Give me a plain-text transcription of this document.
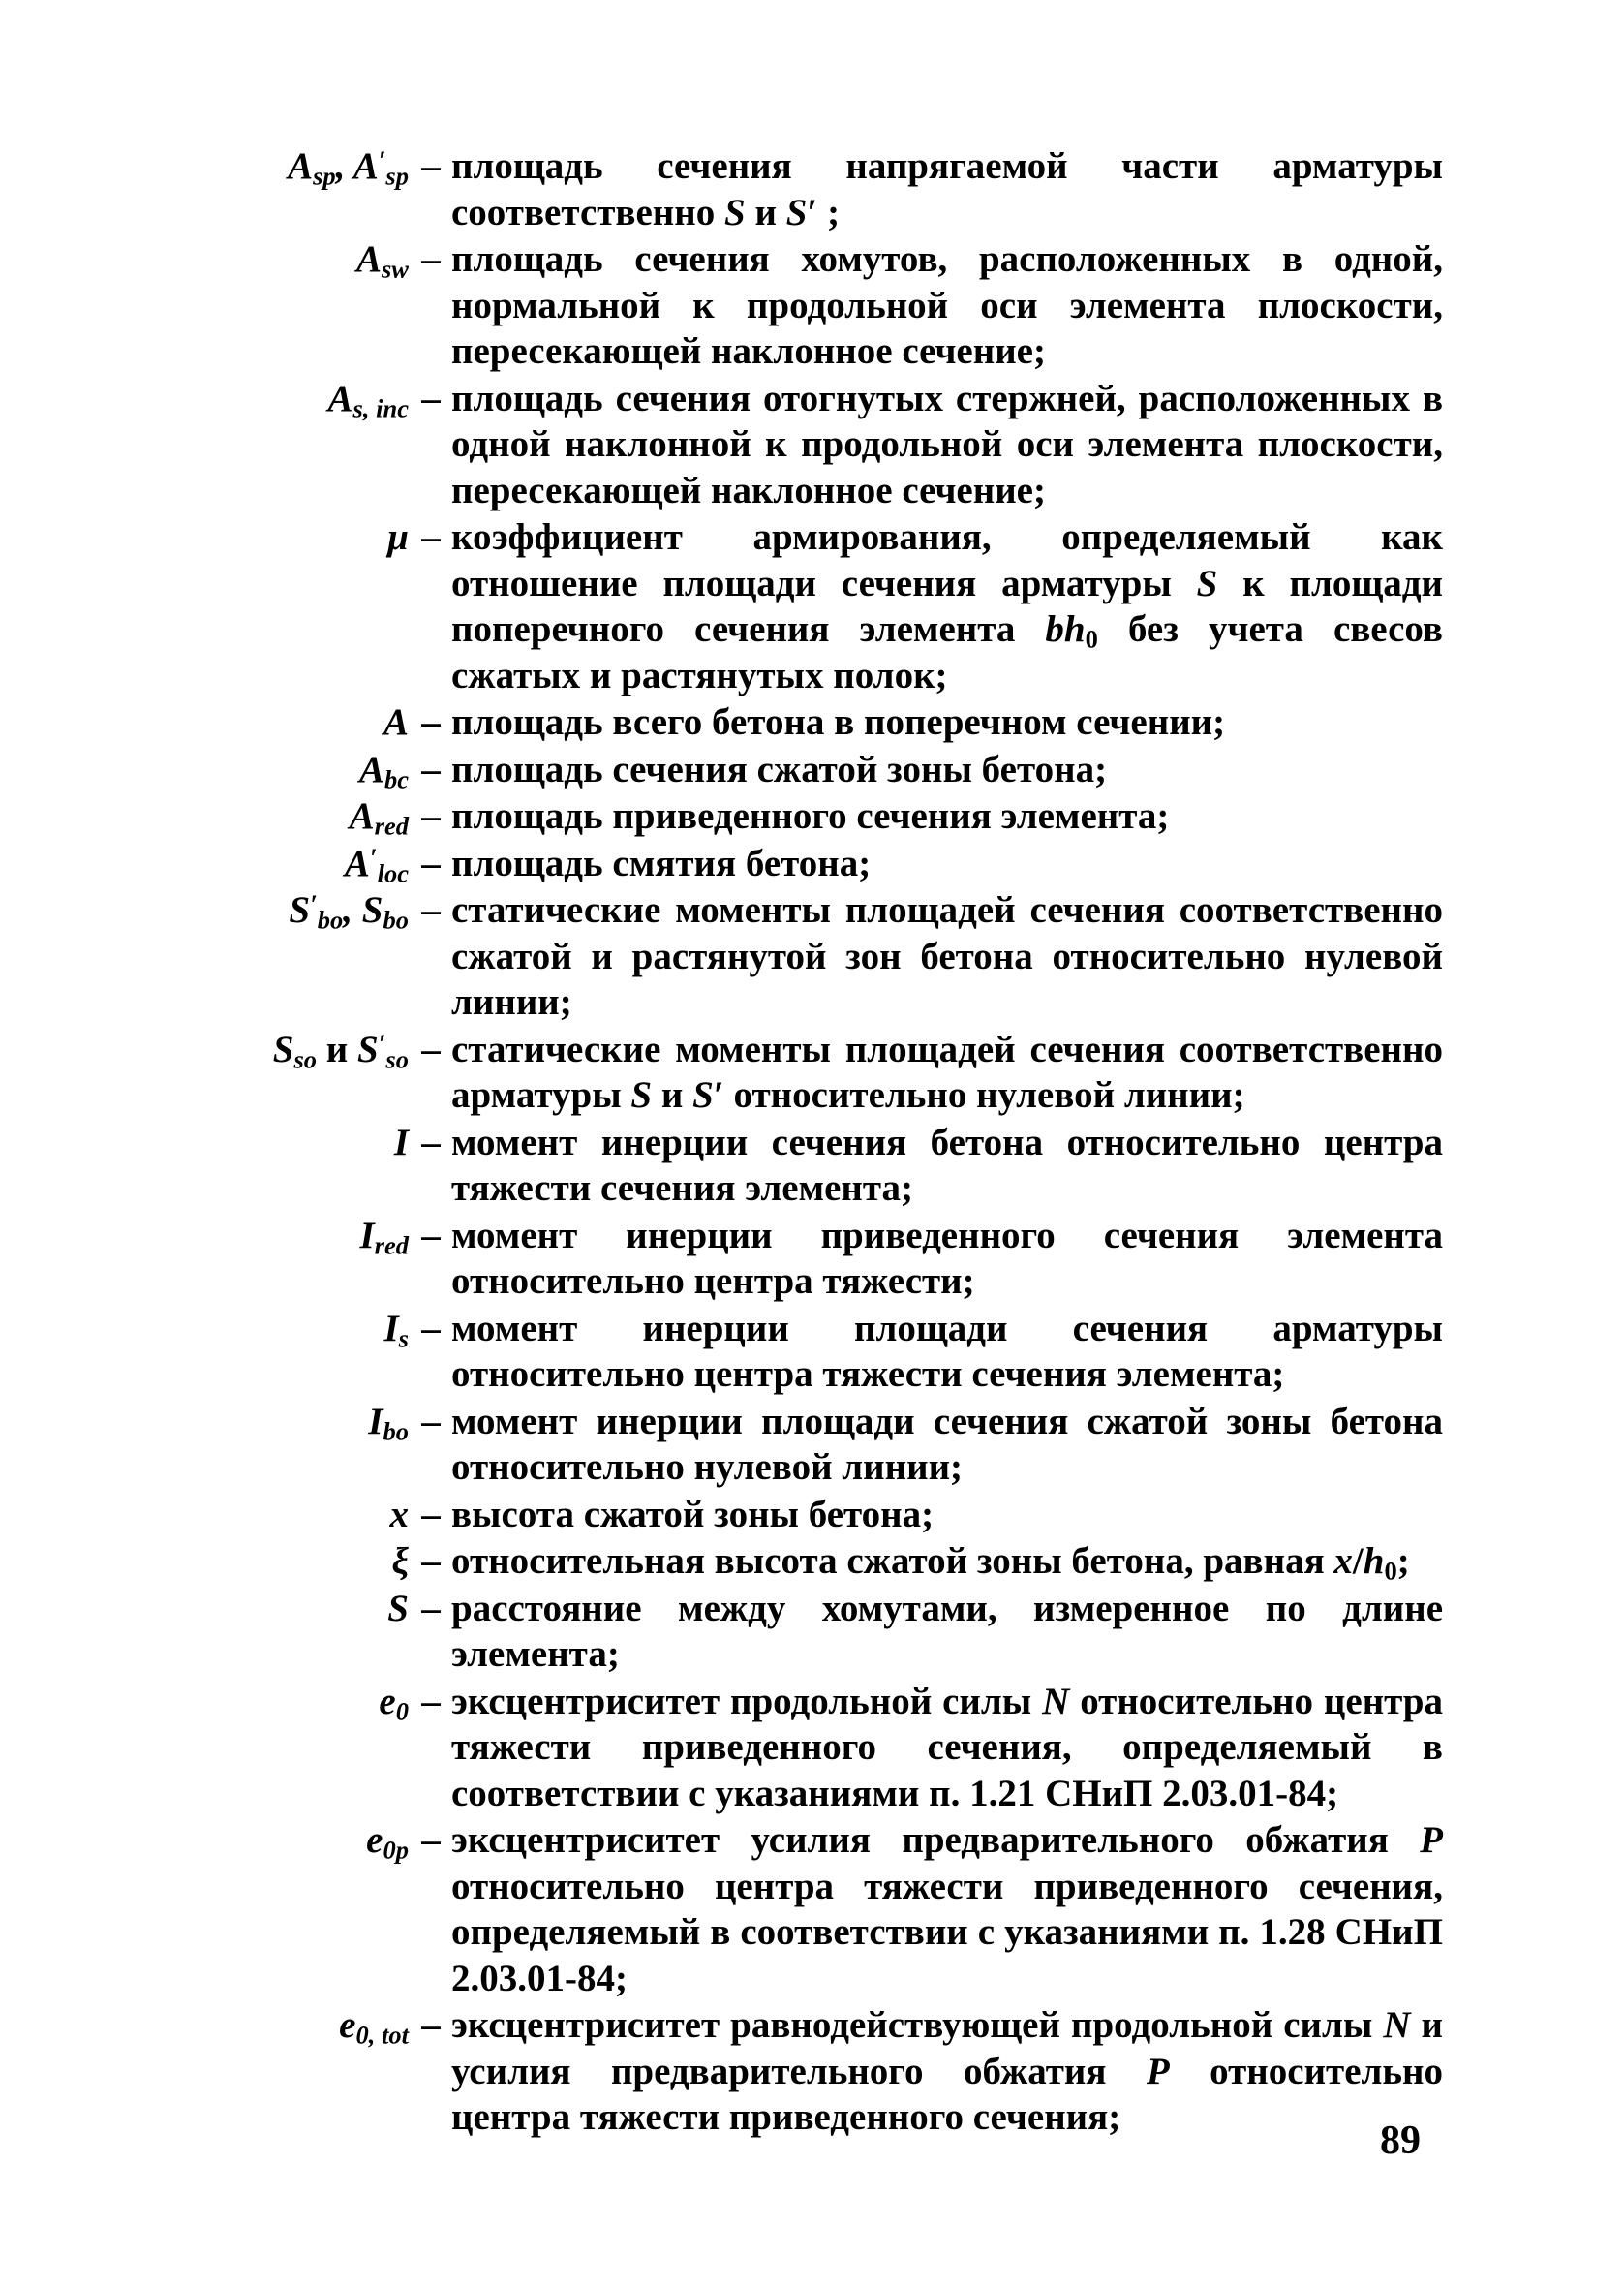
$A_{sp}$, $A'_{sp}$ – площадь сечения напрягаемой части арматуры соответственно S и S′ ;
$A_{sw}$ – площадь сечения хомутов, расположенных в одной, нормальной к продольной оси элемента плоскости, пересекающей наклонное сечение;
$A_{s, inc}$ – площадь сечения отогнутых стержней, расположенных в одной наклонной к продольной оси элемента плоскости, пересекающей наклонное сечение;
μ – коэффициент армирования, определяемый как отношение площади сечения арматуры S к площади поперечного сечения элемента $bh_0$ без учета свесов сжатых и растянутых полок;
A – площадь всего бетона в поперечном сечении;
$A_{bc}$ – площадь сечения сжатой зоны бетона;
$A_{red}$ – площадь приведенного сечения элемента;
$A'_{loc}$ – площадь смятия бетона;
$S'_{bo}$, $S_{bo}$ – статические моменты площадей сечения соответственно сжатой и растянутой зон бетона относительно нулевой линии;
$S_{so}$ и $S'_{so}$ – статические моменты площадей сечения соответственно арматуры S и S′ относительно нулевой линии;
I – момент инерции сечения бетона относительно центра тяжести сечения элемента;
$I_{red}$ – момент инерции приведенного сечения элемента относительно центра тяжести;
$I_s$ – момент инерции площади сечения арматуры относительно центра тяжести сечения элемента;
$I_{bo}$ – момент инерции площади сечения сжатой зоны бетона относительно нулевой линии;
x – высота сжатой зоны бетона;
ξ – относительная высота сжатой зоны бетона, равная $x/h_0$;
S – расстояние между хомутами, измеренное по длине элемента;
$e_0$ – эксцентриситет продольной силы N относительно центра тяжести приведенного сечения, определяемый в соответствии с указаниями п. 1.21 СНиП 2.03.01-84;
$e_{0p}$ – эксцентриситет усилия предварительного обжатия P относительно центра тяжести приведенного сечения, определяемый в соответствии с указаниями п. 1.28 СНиП 2.03.01-84;
$e_{0, tot}$ – эксцентриситет равнодействующей продольной силы N и усилия предварительного обжатия P относительно центра тяжести приведенного сечения;
89
